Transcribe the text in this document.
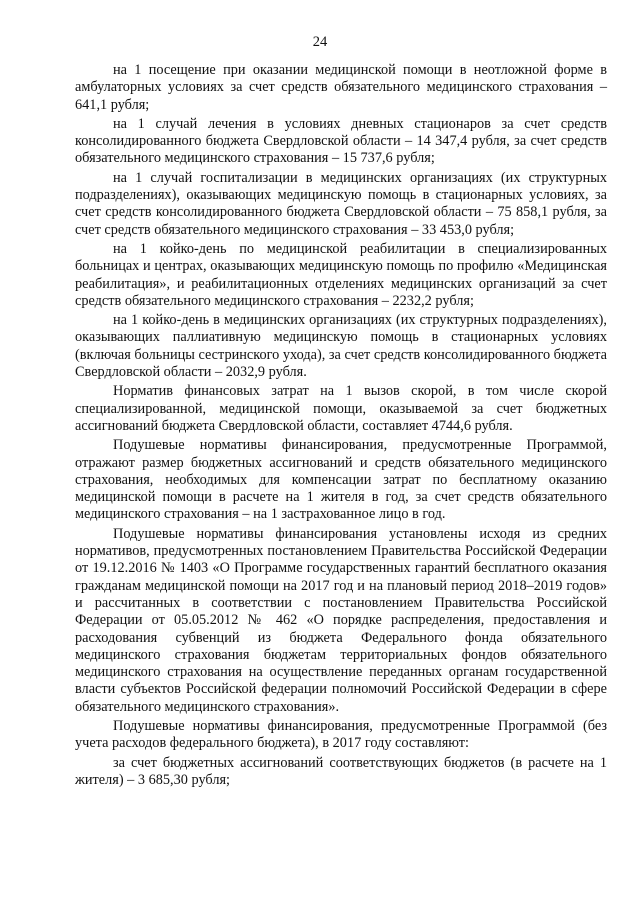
24

на 1 посещение при оказании медицинской помощи в неотложной форме в амбулаторных условиях за счет средств обязательного медицинского страхования – 641,1 рубля;

на 1 случай лечения в условиях дневных стационаров за счет средств консолидированного бюджета Свердловской области – 14 347,4 рубля, за счет средств обязательного медицинского страхования – 15 737,6 рубля;

на 1 случай госпитализации в медицинских организациях (их структурных подразделениях), оказывающих медицинскую помощь в стационарных условиях, за счет средств консолидированного бюджета Свердловской области – 75 858,1 рубля, за счет средств обязательного медицинского страхования – 33 453,0 рубля;

на 1 койко-день по медицинской реабилитации в специализированных больницах и центрах, оказывающих медицинскую помощь по профилю «Медицинская реабилитация», и реабилитационных отделениях медицинских организаций за счет средств обязательного медицинского страхования – 2232,2 рубля;

на 1 койко-день в медицинских организациях (их структурных подразделениях), оказывающих паллиативную медицинскую помощь в стационарных условиях (включая больницы сестринского ухода), за счет средств консолидированного бюджета Свердловской области – 2032,9 рубля.

Норматив финансовых затрат на 1 вызов скорой, в том числе скорой специализированной, медицинской помощи, оказываемой за счет бюджетных ассигнований бюджета Свердловской области, составляет 4744,6 рубля.

Подушевые нормативы финансирования, предусмотренные Программой, отражают размер бюджетных ассигнований и средств обязательного медицинского страхования, необходимых для компенсации затрат по бесплатному оказанию медицинской помощи в расчете на 1 жителя в год, за счет средств обязательного медицинского страхования – на 1 застрахованное лицо в год.

Подушевые нормативы финансирования установлены исходя из средних нормативов, предусмотренных постановлением Правительства Российской Федерации от 19.12.2016 № 1403 «О Программе государственных гарантий бесплатного оказания гражданам медицинской помощи на 2017 год и на плановый период 2018–2019 годов» и рассчитанных в соответствии с постановлением Правительства Российской Федерации от 05.05.2012 № 462 «О порядке распределения, предоставления и расходования субвенций из бюджета Федерального фонда обязательного медицинского страхования бюджетам территориальных фондов обязательного медицинского страхования на осуществление переданных органам государственной власти субъектов Российской федерации полномочий Российской Федерации в сфере обязательного медицинского страхования».

Подушевые нормативы финансирования, предусмотренные Программой (без учета расходов федерального бюджета), в 2017 году составляют:

за счет бюджетных ассигнований соответствующих бюджетов (в расчете на 1 жителя) – 3 685,30 рубля;
